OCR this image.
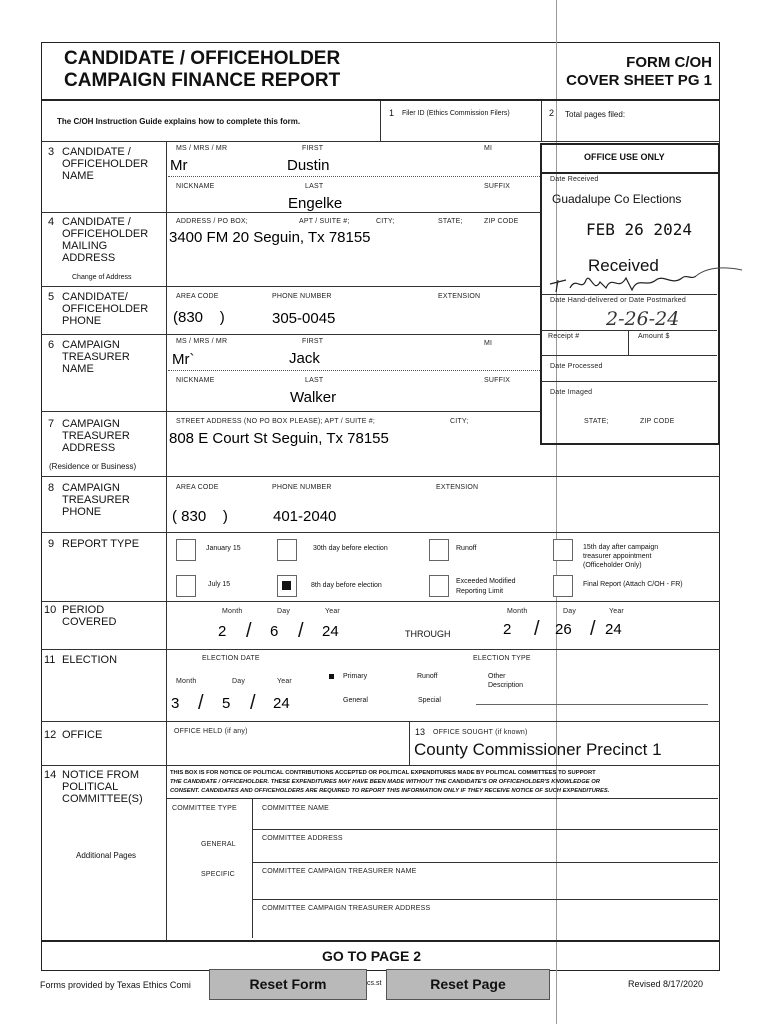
CANDIDATE / OFFICEHOLDER
CAMPAIGN FINANCE REPORT
FORM C/OH
COVER SHEET PG 1
The C/OH Instruction Guide explains how to complete this form.
1 Filer ID (Ethics Commission Filers)	2 Total pages filed:
OFFICE USE ONLY
Date Received
Guadalupe Co Elections
FEB 26 2024
Received
Date Hand-delivered or Date Postmarked
2-26-24
Receipt #	Amount $
Date Processed
Date Imaged
3 CANDIDATE /
OFFICEHOLDER
NAME
MS / MRS / MR	FIRST	MI
Mr	Dustin
NICKNAME	LAST	SUFFIX
Engelke
4 CANDIDATE /
OFFICEHOLDER
MAILING
ADDRESS
Change of Address
ADDRESS / PO BOX;	APT / SUITE #;	CITY;	STATE;	ZIP CODE
3400 FM 20 Seguin, Tx 78155
5 CANDIDATE/
OFFICEHOLDER
PHONE
AREA CODE	PHONE NUMBER	EXTENSION
(830    )	305-0045
6 CAMPAIGN
TREASURER
NAME
MS / MRS / MR	FIRST	MI
Mr`	Jack
NICKNAME	LAST	SUFFIX
Walker
7 CAMPAIGN
TREASURER
ADDRESS
(Residence or Business)
STREET ADDRESS (NO PO BOX PLEASE); APT / SUITE #;	CITY;	STATE;	ZIP CODE
808 E Court St Seguin, Tx 78155
8 CAMPAIGN
TREASURER
PHONE
AREA CODE	PHONE NUMBER	EXTENSION
( 830    )	401-2040
9 REPORT TYPE	January 15	30th day before election	Runoff	15th day after campaign
treasurer appointment
(Officeholder Only)
July 15	8th day before election
Exceeded Modified
Reporting Limit
Final Report (Attach C/OH - FR)
10 PERIOD
COVERED
Month	Day	Year
2 / 6 / 24	THROUGH
Month	Day	Year
2 / 26 / 24
11 ELECTION	ELECTION DATE	ELECTION TYPE
Month	Day	Year
3 / 5 / 24
Primary	Runoff	Other
Description
General	Special
12 OFFICE	OFFICE HELD (if any)	13 OFFICE SOUGHT (if known)
County Commissioner Precinct 1
14 NOTICE FROM
POLITICAL
COMMITTEE(S)
Additional Pages
THIS BOX IS FOR NOTICE OF POLITICAL CONTRIBUTIONS ACCEPTED OR POLITICAL EXPENDITURES MADE BY POLITICAL COMMITTEES TO SUPPORT
THE CANDIDATE / OFFICEHOLDER. THESE EXPENDITURES MAY HAVE BEEN MADE WITHOUT THE CANDIDATE'S OR OFFICEHOLDER'S KNOWLEDGE OR
CONSENT. CANDIDATES AND OFFICEHOLDERS ARE REQUIRED TO REPORT THIS INFORMATION ONLY IF THEY RECEIVE NOTICE OF SUCH EXPENDITURES.
COMMITTEE TYPE	COMMITTEE NAME
GENERAL
COMMITTEE ADDRESS
SPECIFIC	COMMITTEE CAMPAIGN TREASURER NAME
COMMITTEE CAMPAIGN TREASURER ADDRESS
GO TO PAGE 2
Forms provided by Texas Ethics Comi	cs.st
Reset Form	Reset Page	Revised 8/17/2020
